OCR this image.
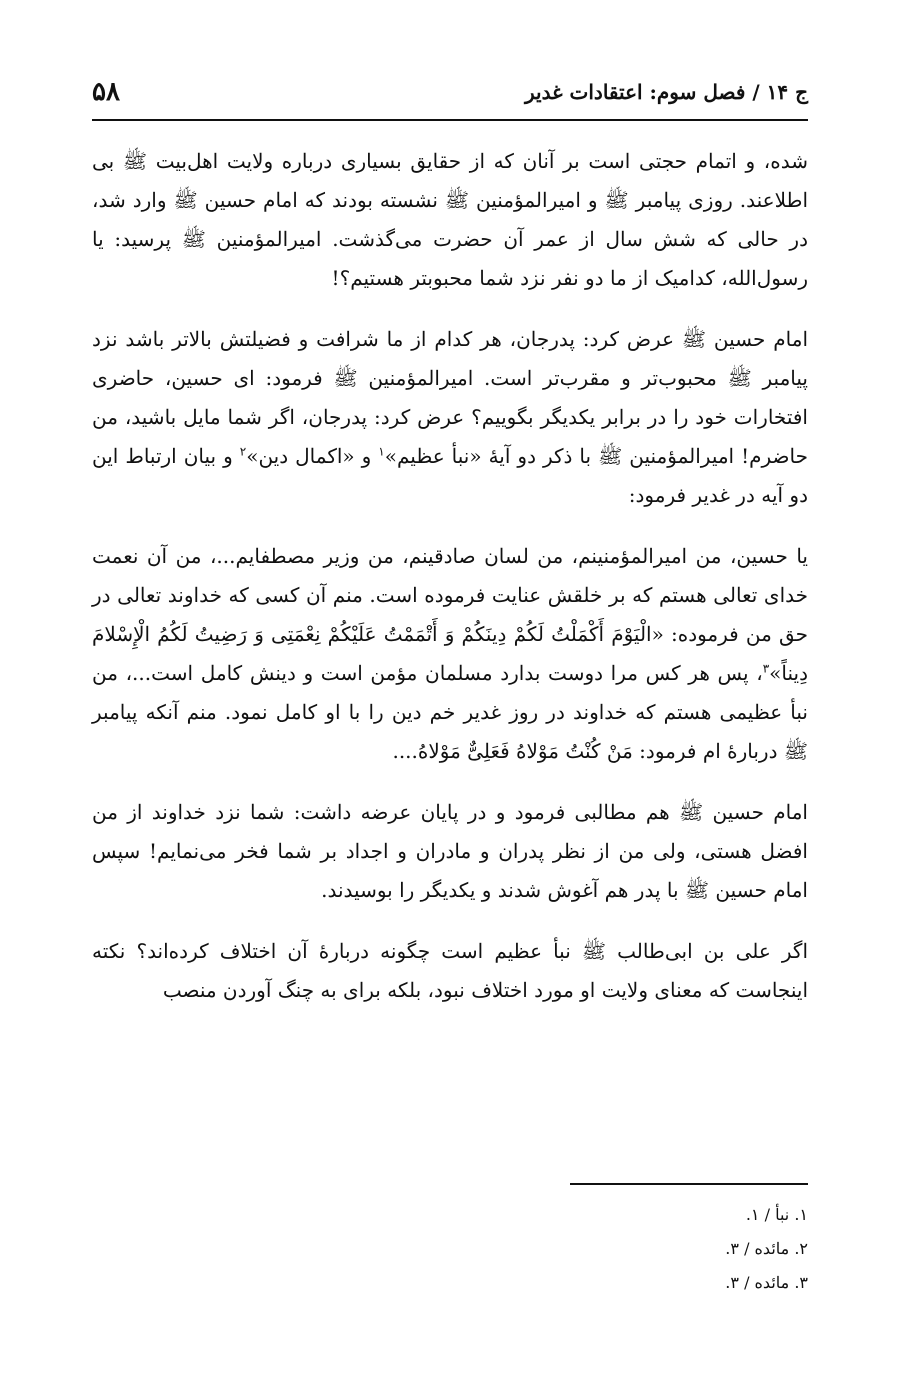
ج ۱۴ / فصل سوم: اعتقادات غدیر
۵۸

شده، و اتمام حجتی است بر آنان که از حقایق بسیاری درباره ولایت اهل‌بیت ﷺ بی اطلاعند. روزی پیامبر ﷺ و امیرالمؤمنین ﷺ نشسته بودند که امام حسین ﷺ وارد شد، در حالی که شش سال از عمر آن حضرت می‌گذشت. امیرالمؤمنین ﷺ پرسید: یا رسول‌الله، کدامیک از ما دو نفر نزد شما محبوبتر هستیم؟!

امام حسین ﷺ عرض کرد: پدرجان، هر کدام از ما شرافت و فضیلتش بالاتر باشد نزد پیامبر ﷺ محبوب‌تر و مقرب‌تر است. امیرالمؤمنین ﷺ فرمود: ای حسین، حاضری افتخارات خود را در برابر یکدیگر بگوییم؟ عرض کرد: پدرجان، اگر شما مایل باشید، من حاضرم! امیرالمؤمنین ﷺ با ذکر دو آیهٔ «نبأ عظیم»$^۱$ و «اکمال دین»$^۲$ و بیان ارتباط این دو آیه در غدیر فرمود:

یا حسین، من امیرالمؤمنینم، من لسان صادقینم، من وزیر مصطفایم...، من آن نعمت خدای تعالی هستم که بر خلقش عنایت فرموده است. منم آن کسی که خداوند تعالی در حق من فرموده: «الْیَوْمَ أَکْمَلْتُ لَکُمْ دِینَکُمْ وَ أَتْمَمْتُ عَلَیْکُمْ نِعْمَتِی وَ رَضِیتُ لَکُمُ الْإِسْلامَ دِیناً»$^۳$، پس هر کس مرا دوست بدارد مسلمان مؤمن است و دینش کامل است...، من نبأ عظیمی هستم که خداوند در روز غدیر خم دین را با او کامل نمود. منم آنکه پیامبر ﷺ دربارهٔ ام فرمود: مَنْ کُنْتُ مَوْلاهُ فَعَلِیٌّ مَوْلاهُ....

امام حسین ﷺ هم مطالبی فرمود و در پایان عرضه داشت: شما نزد خداوند از من افضل هستی، ولی من از نظر پدران و مادران و اجداد بر شما فخر می‌نمایم! سپس امام حسین ﷺ با پدر هم آغوش شدند و یکدیگر را بوسیدند.

اگر علی بن ابی‌طالب ﷺ نبأ عظیم است چگونه دربارهٔ آن اختلاف کرده‌اند؟ نکته اینجاست که معنای ولایت او مورد اختلاف نبود، بلکه برای به چنگ آوردن منصب

۱. نبأ / ۱.

۲. مائده / ۳.

۳. مائده / ۳.
